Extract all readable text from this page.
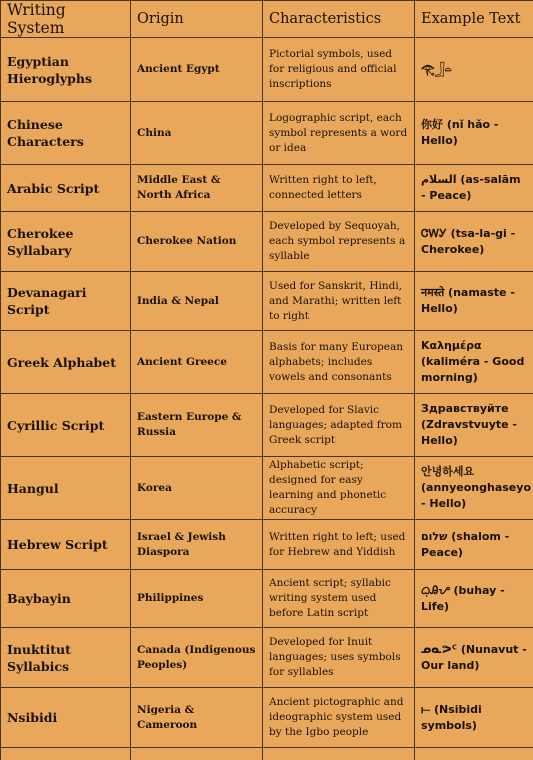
Writing System	Origin	Characteristics	Example Text
Egyptian Hieroglyphs	Ancient Egypt	Pictorial symbols, used for religious and official inscriptions	𓂀𓃀𓏏
Chinese Characters	China	Logographic script, each symbol represents a word or idea	你好 (nǐ hǎo - Hello)
Arabic Script	Middle East & North Africa	Written right to left, connected letters	السلام (as-salām - Peace)
Cherokee Syllabary	Cherokee Nation	Developed by Sequoyah, each symbol represents a syllable	ᏣᎳᎩ (tsa-la-gi - Cherokee)
Devanagari Script	India & Nepal	Used for Sanskrit, Hindi, and Marathi; written left to right	नमस्ते (namaste - Hello)
Greek Alphabet	Ancient Greece	Basis for many European alphabets; includes vowels and consonants	Καλημέρα (kaliméra - Good morning)
Cyrillic Script	Eastern Europe & Russia	Developed for Slavic languages; adapted from Greek script	Здравствуйте (Zdravstvuyte - Hello)
Hangul	Korea	Alphabetic script; designed for easy learning and phonetic accuracy	안녕하세요 (annyeonghaseyo - Hello)
Hebrew Script	Israel & Jewish Diaspora	Written right to left; used for Hebrew and Yiddish	שלום (shalom - Peace)
Baybayin	Philippines	Ancient script; syllabic writing system used before Latin script	ᜊᜓᎯᜌ (buhay - Life)
Inuktitut Syllabics	Canada (Indigenous Peoples)	Developed for Inuit languages; uses symbols for syllables	ᓄᓇᕗᑦ (Nunavut - Our land)
Nsibidi	Nigeria & Cameroon	Ancient pictographic and ideographic system used by the Igbo people	⟝ (Nsibidi symbols)
